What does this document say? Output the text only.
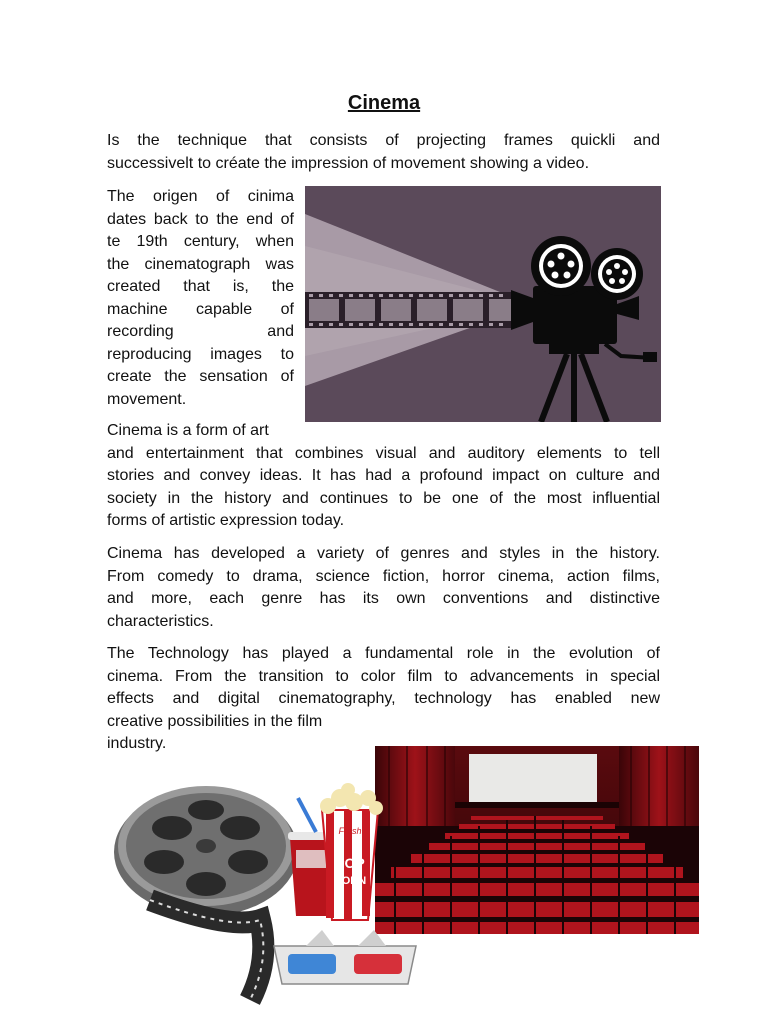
Cinema
Is the technique that consists of projecting frames quickli and
successivelt to créate the impression of movement showing a video.
The origen of cinima
dates back to the end of
te 19th century, when
the cinematograph was
created that is, the
machine capable of
recording and
reproducing images to
create the sensation of
movement.
Cinema is a form of art
and entertainment that combines visual and auditory elements to tell
stories and convey ideas. It has had a profound impact on culture and
society in the history and continues to be one of the most influential
forms of artistic expression today.
Cinema has developed a variety of genres and styles in the history.
From comedy to drama, science fiction, horror cinema, action films,
and more, each genre has its own conventions and distinctive
characteristics.
The Technology has played a fundamental role in the evolution of
cinema. From the transition to color film to advancements in special
effects and digital cinematography, technology has enabled new
creative possibilities in the film
industry.
POP
CORN
Fresh
